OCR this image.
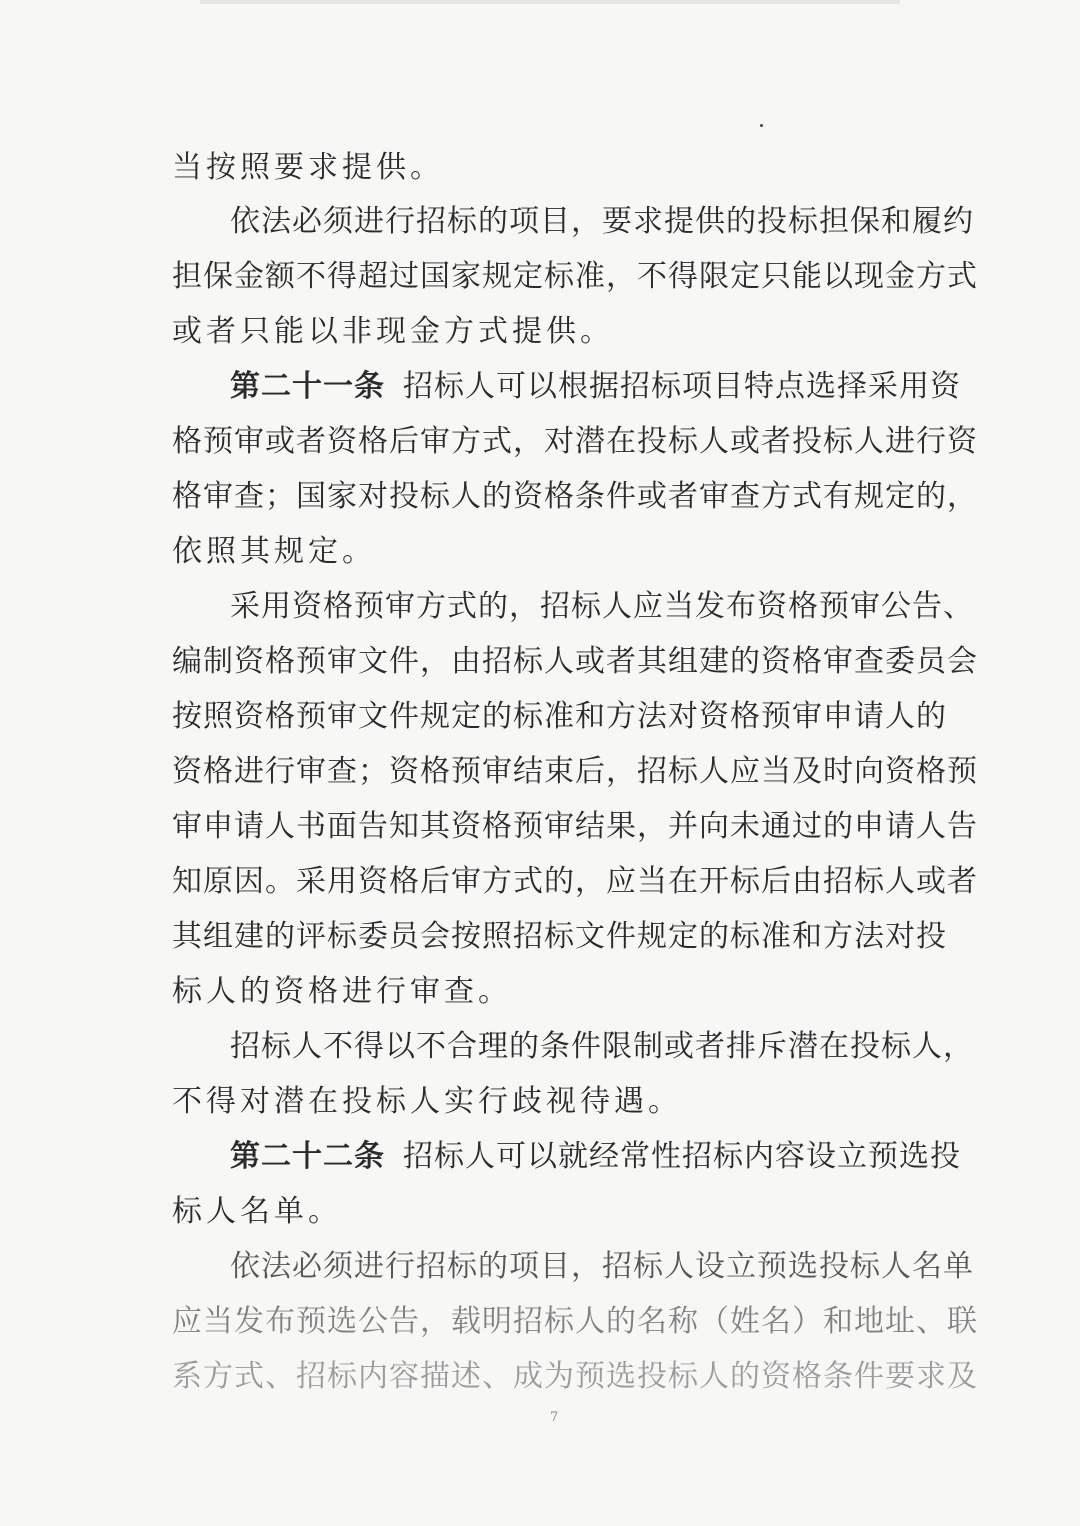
当按照要求提供。
依法必须进行招标的项目，要求提供的投标担保和履约
担保金额不得超过国家规定标准，不得限定只能以现金方式
或者只能以非现金方式提供。
第二十一条 招标人可以根据招标项目特点选择采用资
格预审或者资格后审方式，对潜在投标人或者投标人进行资
格审查；国家对投标人的资格条件或者审查方式有规定的，
依照其规定。
采用资格预审方式的，招标人应当发布资格预审公告、
编制资格预审文件，由招标人或者其组建的资格审查委员会
按照资格预审文件规定的标准和方法对资格预审申请人的
资格进行审查；资格预审结束后，招标人应当及时向资格预
审申请人书面告知其资格预审结果，并向未通过的申请人告
知原因。采用资格后审方式的，应当在开标后由招标人或者
其组建的评标委员会按照招标文件规定的标准和方法对投
标人的资格进行审查。
招标人不得以不合理的条件限制或者排斥潜在投标人，
不得对潜在投标人实行歧视待遇。
第二十二条 招标人可以就经常性招标内容设立预选投
标人名单。
依法必须进行招标的项目，招标人设立预选投标人名单
应当发布预选公告，载明招标人的名称（姓名）和地址、联
系方式、招标内容描述、成为预选投标人的资格条件要求及
7
